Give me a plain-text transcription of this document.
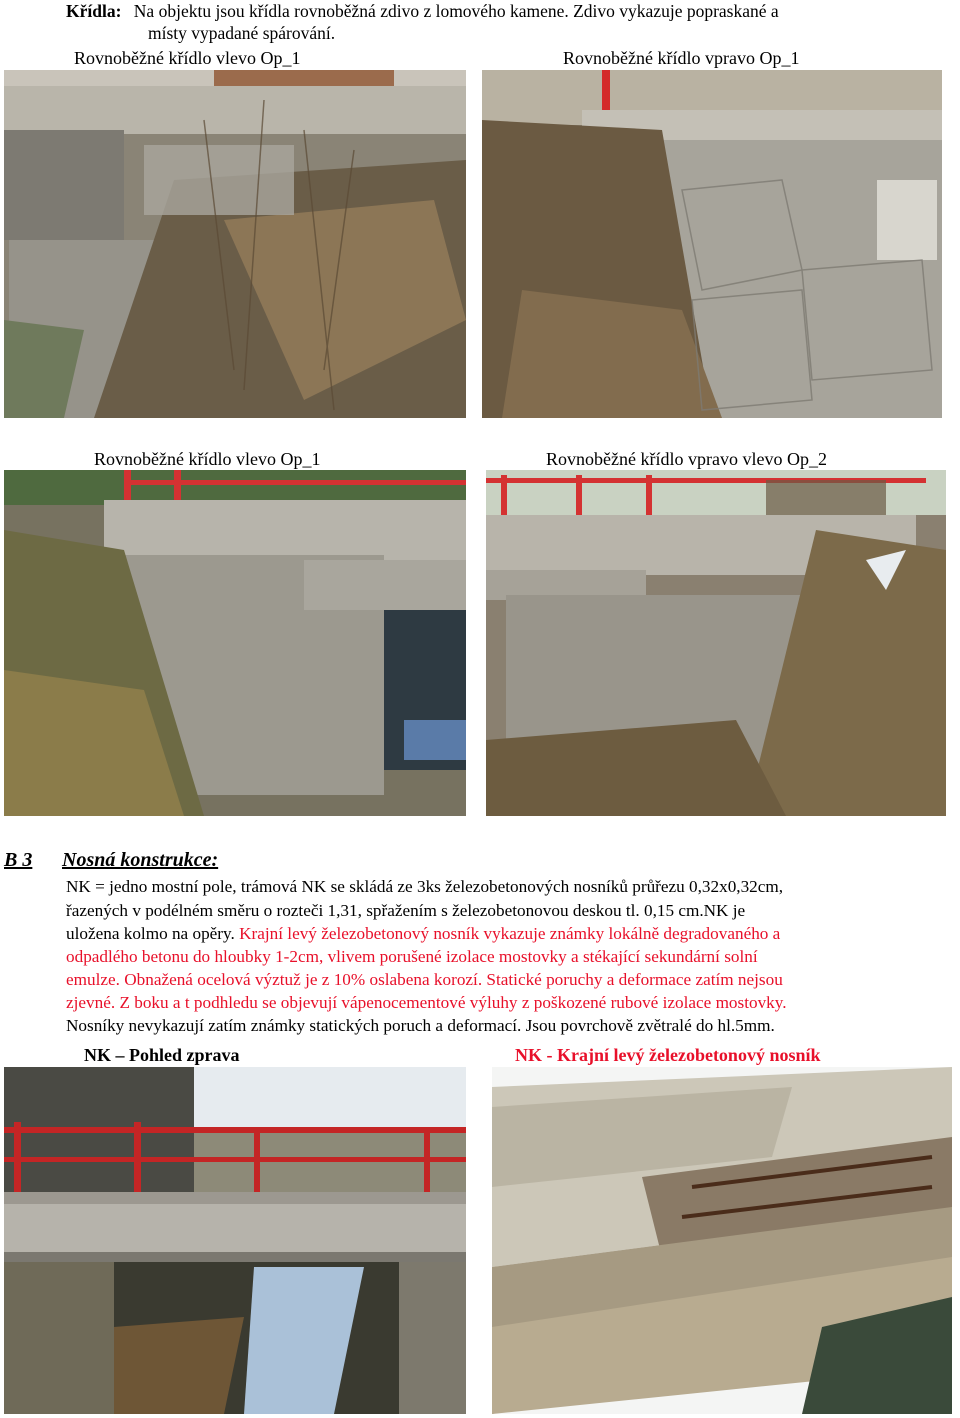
Křídla: Na objektu jsou křídla rovnoběžná zdivo z lomového kamene. Zdivo vykazuje popraskané a
místy vypadané spárování.
Rovnoběžné křídlo vlevo Op_1	Rovnoběžné křídlo vpravo Op_1
Rovnoběžné křídlo vlevo Op_1	Rovnoběžné křídlo vpravo vlevo Op_2
B 3 Nosná konstrukce:
NK = jedno mostní pole, trámová NK se skládá ze 3ks železobetonových nosníků průřezu 0,32x0,32cm,
řazených v podélném směru o rozteči 1,31, spřažením s železobetonovou deskou tl. 0,15 cm.NK je
uložena kolmo na opěry. Krajní levý železobetonový nosník vykazuje známky lokálně degradovaného a
odpadlého betonu do hloubky 1-2cm, vlivem porušené izolace mostovky a stékající sekundární solní
emulze. Obnažená ocelová výztuž je z 10% oslabena korozí. Statické poruchy a deformace zatím nejsou
zjevné. Z boku a t podhledu se objevují vápenocementové výluhy z poškozené rubové izolace mostovky.
Nosníky nevykazují zatím známky statických poruch a deformací. Jsou povrchově zvětralé do hl.5mm.
NK – Pohled zprava	NK - Krajní levý železobetonový nosník
